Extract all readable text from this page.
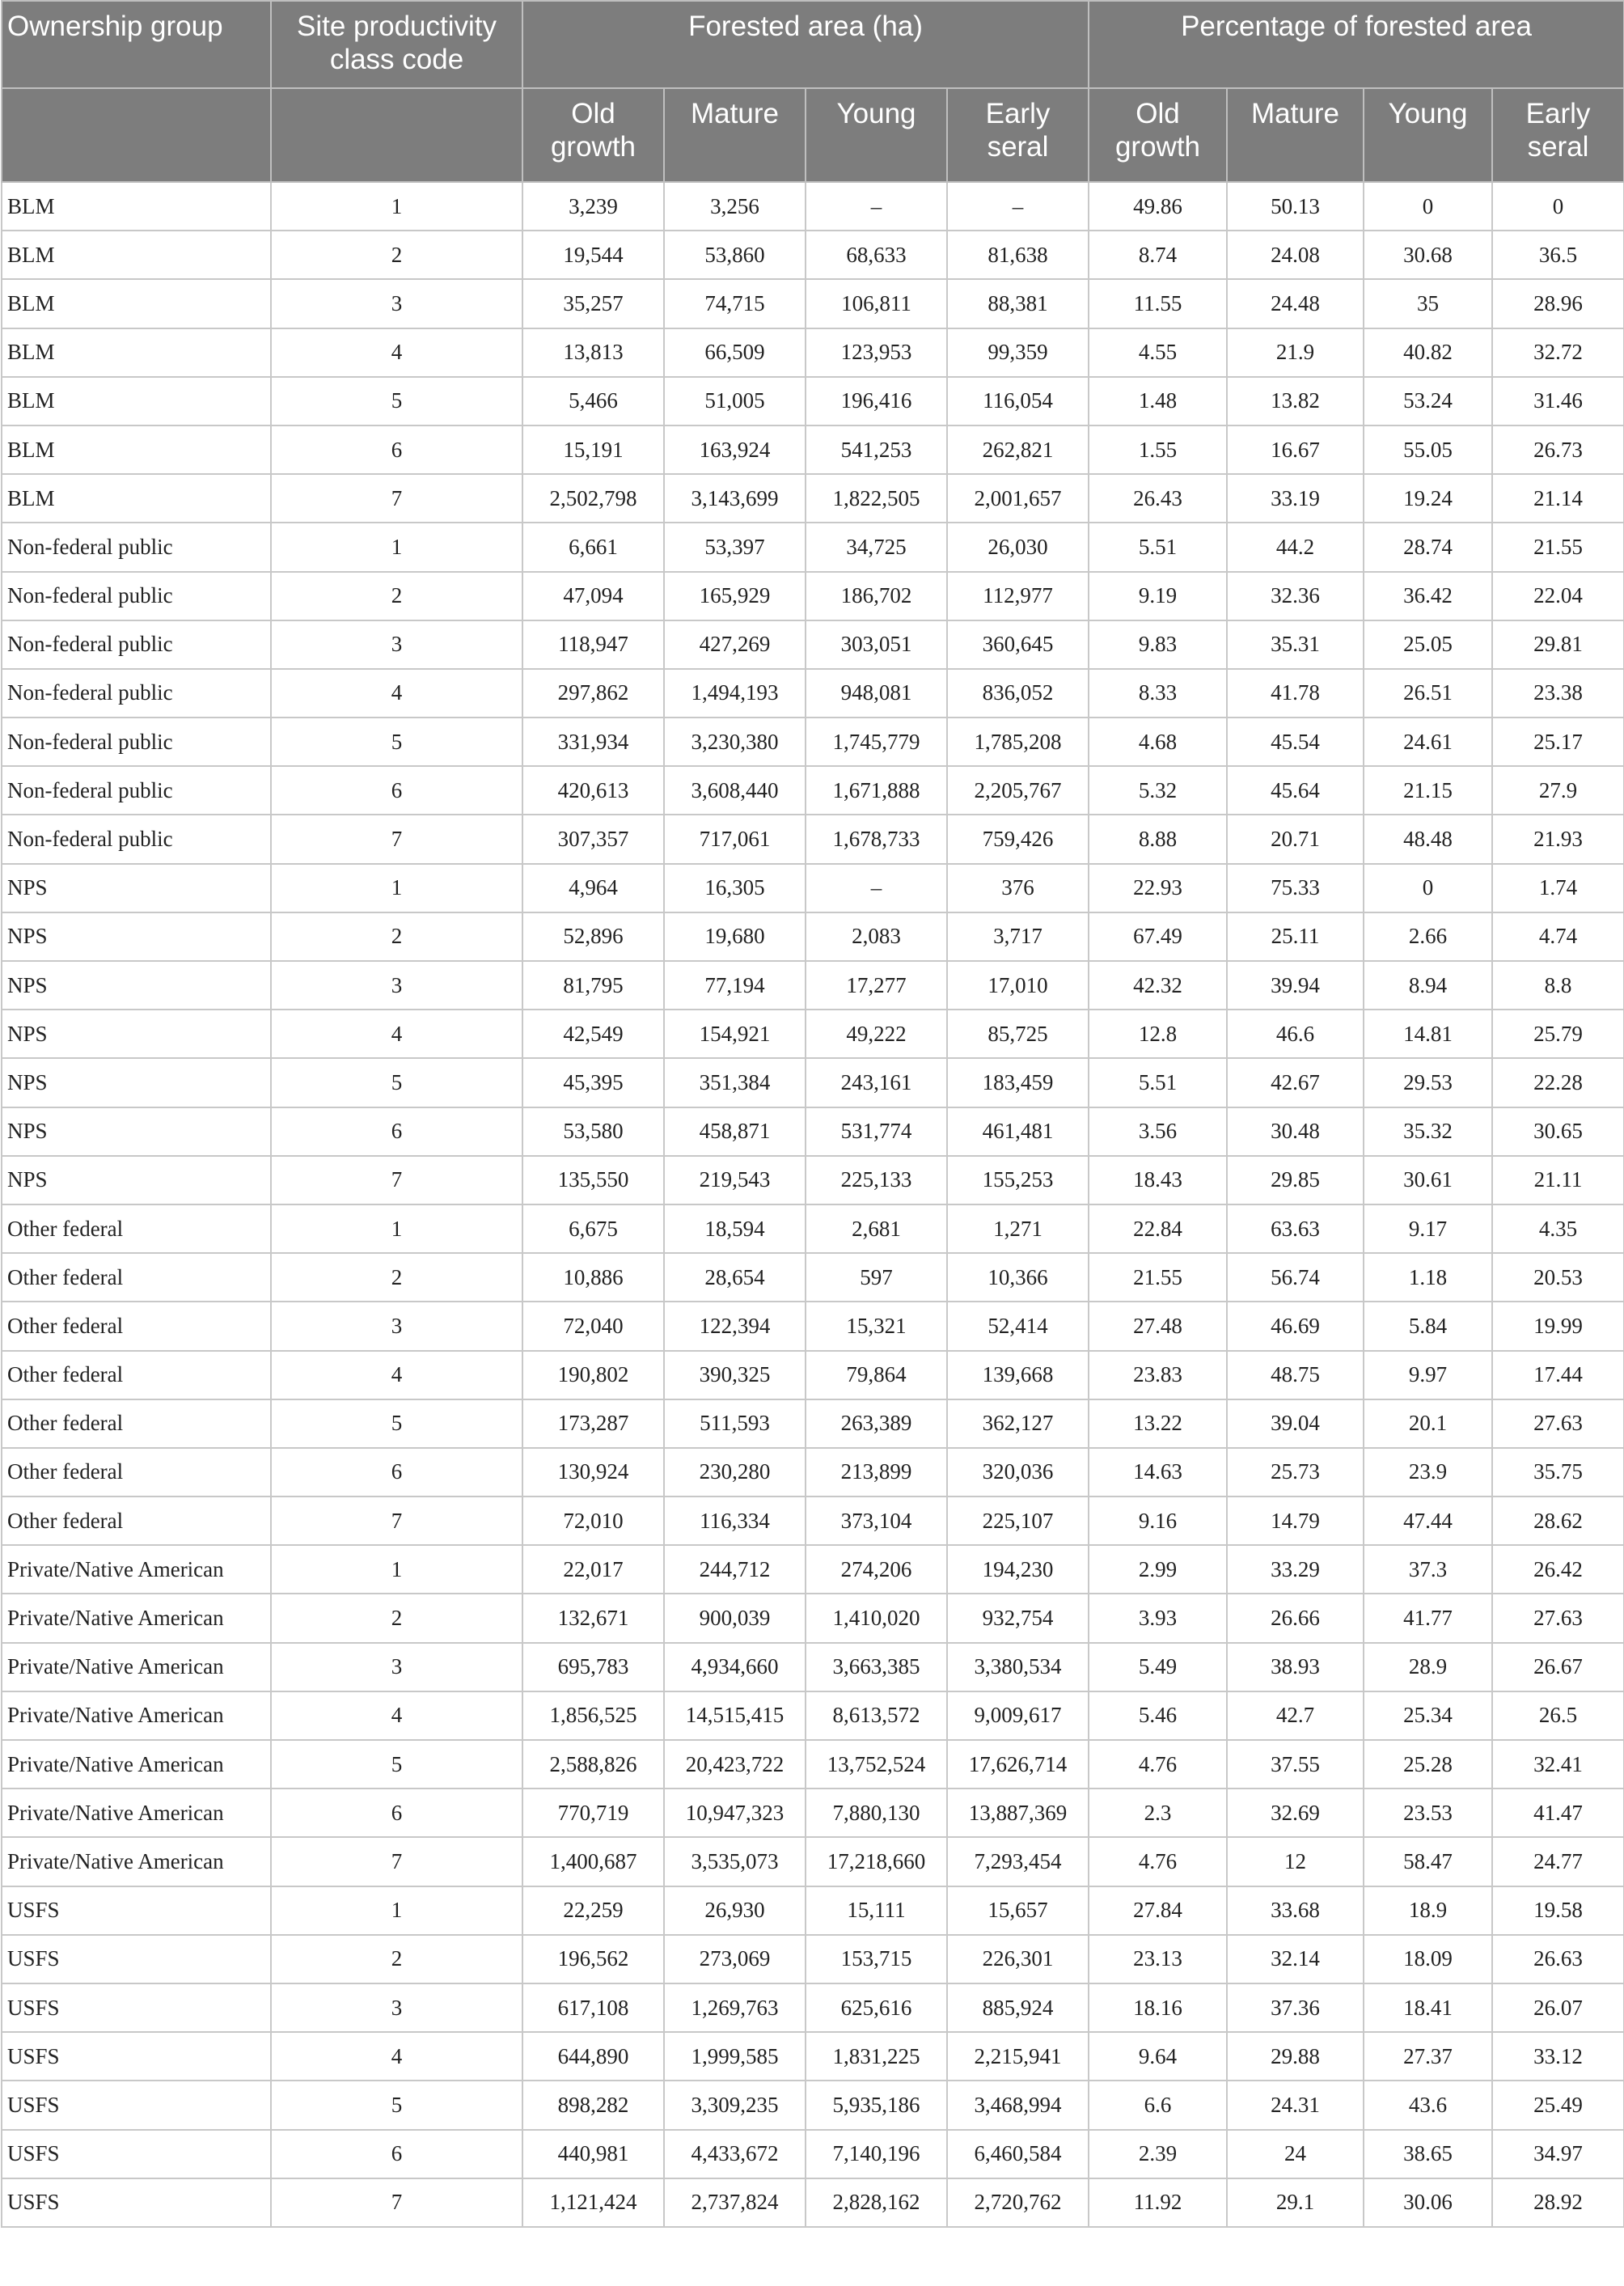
Ownership group	Site productivity class code	Forested area (ha)				Percentage of forested area			
		Old growth	Mature	Young	Early seral	Old growth	Mature	Young	Early seral
BLM	1	3,239	3,256	–	–	49.86	50.13	0	0
BLM	2	19,544	53,860	68,633	81,638	8.74	24.08	30.68	36.5
BLM	3	35,257	74,715	106,811	88,381	11.55	24.48	35	28.96
BLM	4	13,813	66,509	123,953	99,359	4.55	21.9	40.82	32.72
BLM	5	5,466	51,005	196,416	116,054	1.48	13.82	53.24	31.46
BLM	6	15,191	163,924	541,253	262,821	1.55	16.67	55.05	26.73
BLM	7	2,502,798	3,143,699	1,822,505	2,001,657	26.43	33.19	19.24	21.14
Non-federal public	1	6,661	53,397	34,725	26,030	5.51	44.2	28.74	21.55
Non-federal public	2	47,094	165,929	186,702	112,977	9.19	32.36	36.42	22.04
Non-federal public	3	118,947	427,269	303,051	360,645	9.83	35.31	25.05	29.81
Non-federal public	4	297,862	1,494,193	948,081	836,052	8.33	41.78	26.51	23.38
Non-federal public	5	331,934	3,230,380	1,745,779	1,785,208	4.68	45.54	24.61	25.17
Non-federal public	6	420,613	3,608,440	1,671,888	2,205,767	5.32	45.64	21.15	27.9
Non-federal public	7	307,357	717,061	1,678,733	759,426	8.88	20.71	48.48	21.93
NPS	1	4,964	16,305	–	376	22.93	75.33	0	1.74
NPS	2	52,896	19,680	2,083	3,717	67.49	25.11	2.66	4.74
NPS	3	81,795	77,194	17,277	17,010	42.32	39.94	8.94	8.8
NPS	4	42,549	154,921	49,222	85,725	12.8	46.6	14.81	25.79
NPS	5	45,395	351,384	243,161	183,459	5.51	42.67	29.53	22.28
NPS	6	53,580	458,871	531,774	461,481	3.56	30.48	35.32	30.65
NPS	7	135,550	219,543	225,133	155,253	18.43	29.85	30.61	21.11
Other federal	1	6,675	18,594	2,681	1,271	22.84	63.63	9.17	4.35
Other federal	2	10,886	28,654	597	10,366	21.55	56.74	1.18	20.53
Other federal	3	72,040	122,394	15,321	52,414	27.48	46.69	5.84	19.99
Other federal	4	190,802	390,325	79,864	139,668	23.83	48.75	9.97	17.44
Other federal	5	173,287	511,593	263,389	362,127	13.22	39.04	20.1	27.63
Other federal	6	130,924	230,280	213,899	320,036	14.63	25.73	23.9	35.75
Other federal	7	72,010	116,334	373,104	225,107	9.16	14.79	47.44	28.62
Private/Native American	1	22,017	244,712	274,206	194,230	2.99	33.29	37.3	26.42
Private/Native American	2	132,671	900,039	1,410,020	932,754	3.93	26.66	41.77	27.63
Private/Native American	3	695,783	4,934,660	3,663,385	3,380,534	5.49	38.93	28.9	26.67
Private/Native American	4	1,856,525	14,515,415	8,613,572	9,009,617	5.46	42.7	25.34	26.5
Private/Native American	5	2,588,826	20,423,722	13,752,524	17,626,714	4.76	37.55	25.28	32.41
Private/Native American	6	770,719	10,947,323	7,880,130	13,887,369	2.3	32.69	23.53	41.47
Private/Native American	7	1,400,687	3,535,073	17,218,660	7,293,454	4.76	12	58.47	24.77
USFS	1	22,259	26,930	15,111	15,657	27.84	33.68	18.9	19.58
USFS	2	196,562	273,069	153,715	226,301	23.13	32.14	18.09	26.63
USFS	3	617,108	1,269,763	625,616	885,924	18.16	37.36	18.41	26.07
USFS	4	644,890	1,999,585	1,831,225	2,215,941	9.64	29.88	27.37	33.12
USFS	5	898,282	3,309,235	5,935,186	3,468,994	6.6	24.31	43.6	25.49
USFS	6	440,981	4,433,672	7,140,196	6,460,584	2.39	24	38.65	34.97
USFS	7	1,121,424	2,737,824	2,828,162	2,720,762	11.92	29.1	30.06	28.92
